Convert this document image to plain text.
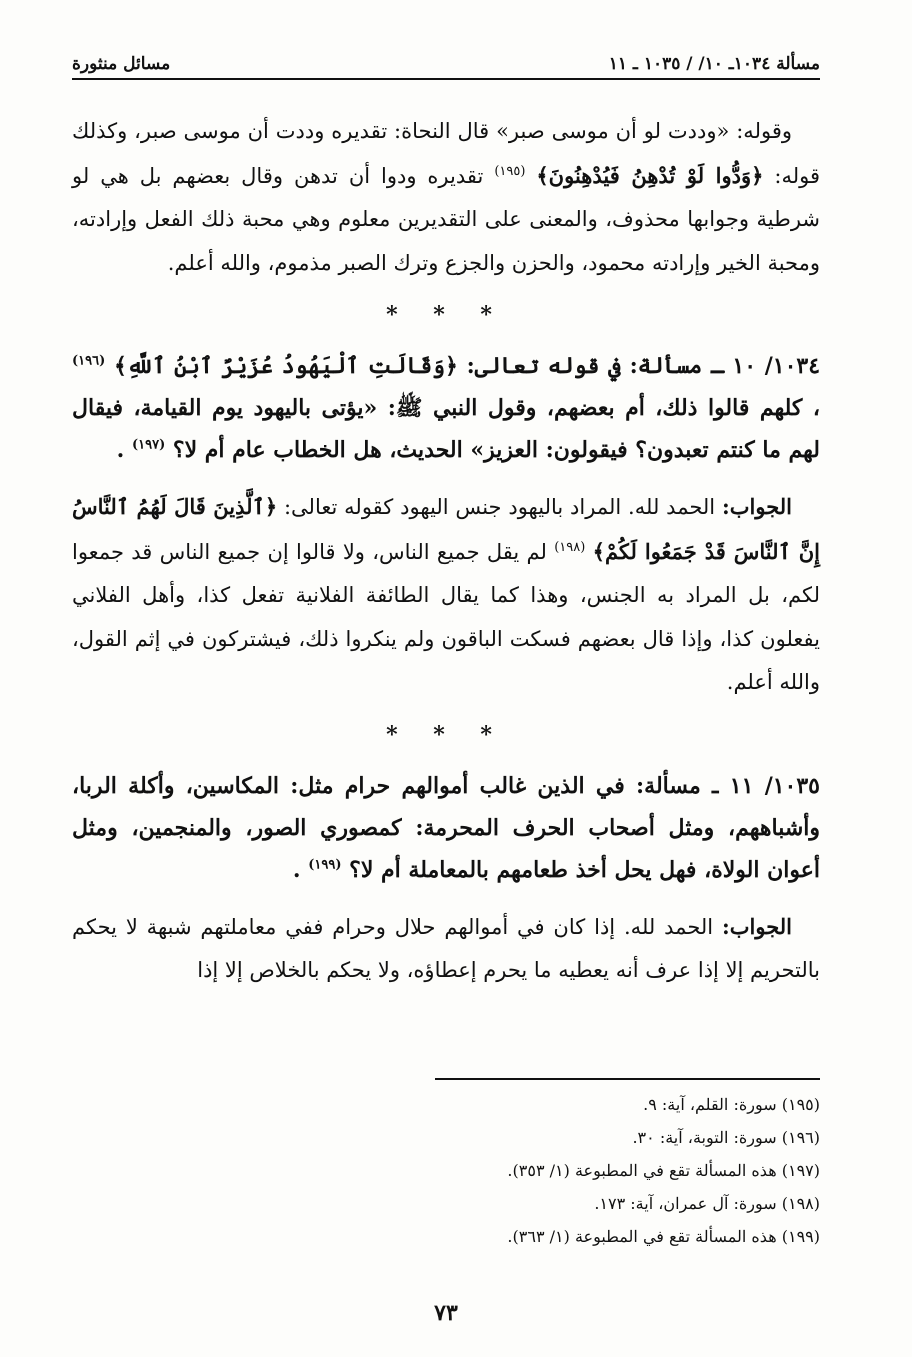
مسألة ١٠٣٤ـ ١٠/ / ١٠٣٥ ـ ١١
مسائل منثورة

وقوله: «وددت لو أن موسى صبر» قال النحاة: تقديره وددت أن موسى صبر، وكذلك قوله: ﴿وَدُّوا لَوْ تُدْهِنُ فَيُدْهِنُونَ﴾ $^{(١٩٥)}$ تقديره ودوا أن تدهن وقال بعضهم بل هي لو شرطية وجوابها محذوف، والمعنى على التقديرين معلوم وهي محبة ذلك الفعل وإرادته، ومحبة الخير وإرادته محمود، والحزن والجزع وترك الصبر مذموم، والله أعلم.

* * *

١٠٣٤/ ١٠ ـ مسألة: في قوله تعالى: ﴿وَقَالَتِ ٱلْيَهُودُ عُزَيْرٌ ٱبْنُ ٱللَّهِ﴾ $^{(١٩٦)}$ ، كلهم قالوا ذلك، أم بعضهم، وقول النبي ﷺ: «يؤتى باليهود يوم القيامة، فيقال لهم ما كنتم تعبدون؟ فيقولون: العزيز» الحديث، هل الخطاب عام أم لا؟ $^{(١٩٧)}$ .

الجواب: الحمد لله. المراد باليهود جنس اليهود كقوله تعالى: ﴿ٱلَّذِينَ قَالَ لَهُمُ ٱلنَّاسُ إِنَّ ٱلنَّاسَ قَدْ جَمَعُوا لَكُمْ﴾ $^{(١٩٨)}$ لم يقل جميع الناس، ولا قالوا إن جميع الناس قد جمعوا لكم، بل المراد به الجنس، وهذا كما يقال الطائفة الفلانية تفعل كذا، وأهل الفلاني يفعلون كذا، وإذا قال بعضهم فسكت الباقون ولم ينكروا ذلك، فيشتركون في إثم القول، والله أعلم.

* * *

١٠٣٥/ ١١ ـ مسألة: في الذين غالب أموالهم حرام مثل: المكاسين، وأكلة الربا، وأشباههم، ومثل أصحاب الحرف المحرمة: كمصوري الصور، والمنجمين، ومثل أعوان الولاة، فهل يحل أخذ طعامهم بالمعاملة أم لا؟ $^{(١٩٩)}$ .

الجواب: الحمد لله. إذا كان في أموالهم حلال وحرام ففي معاملتهم شبهة لا يحكم بالتحريم إلا إذا عرف أنه يعطيه ما يحرم إعطاؤه، ولا يحكم بالخلاص إلا إذا

(١٩٥) سورة: القلم، آية: ٩.
(١٩٦) سورة: التوبة، آية: ٣٠.
(١٩٧) هذه المسألة تقع في المطبوعة (١/ ٣٥٣).
(١٩٨) سورة: آل عمران، آية: ١٧٣.
(١٩٩) هذه المسألة تقع في المطبوعة (١/ ٣٦٣).
٧٣
